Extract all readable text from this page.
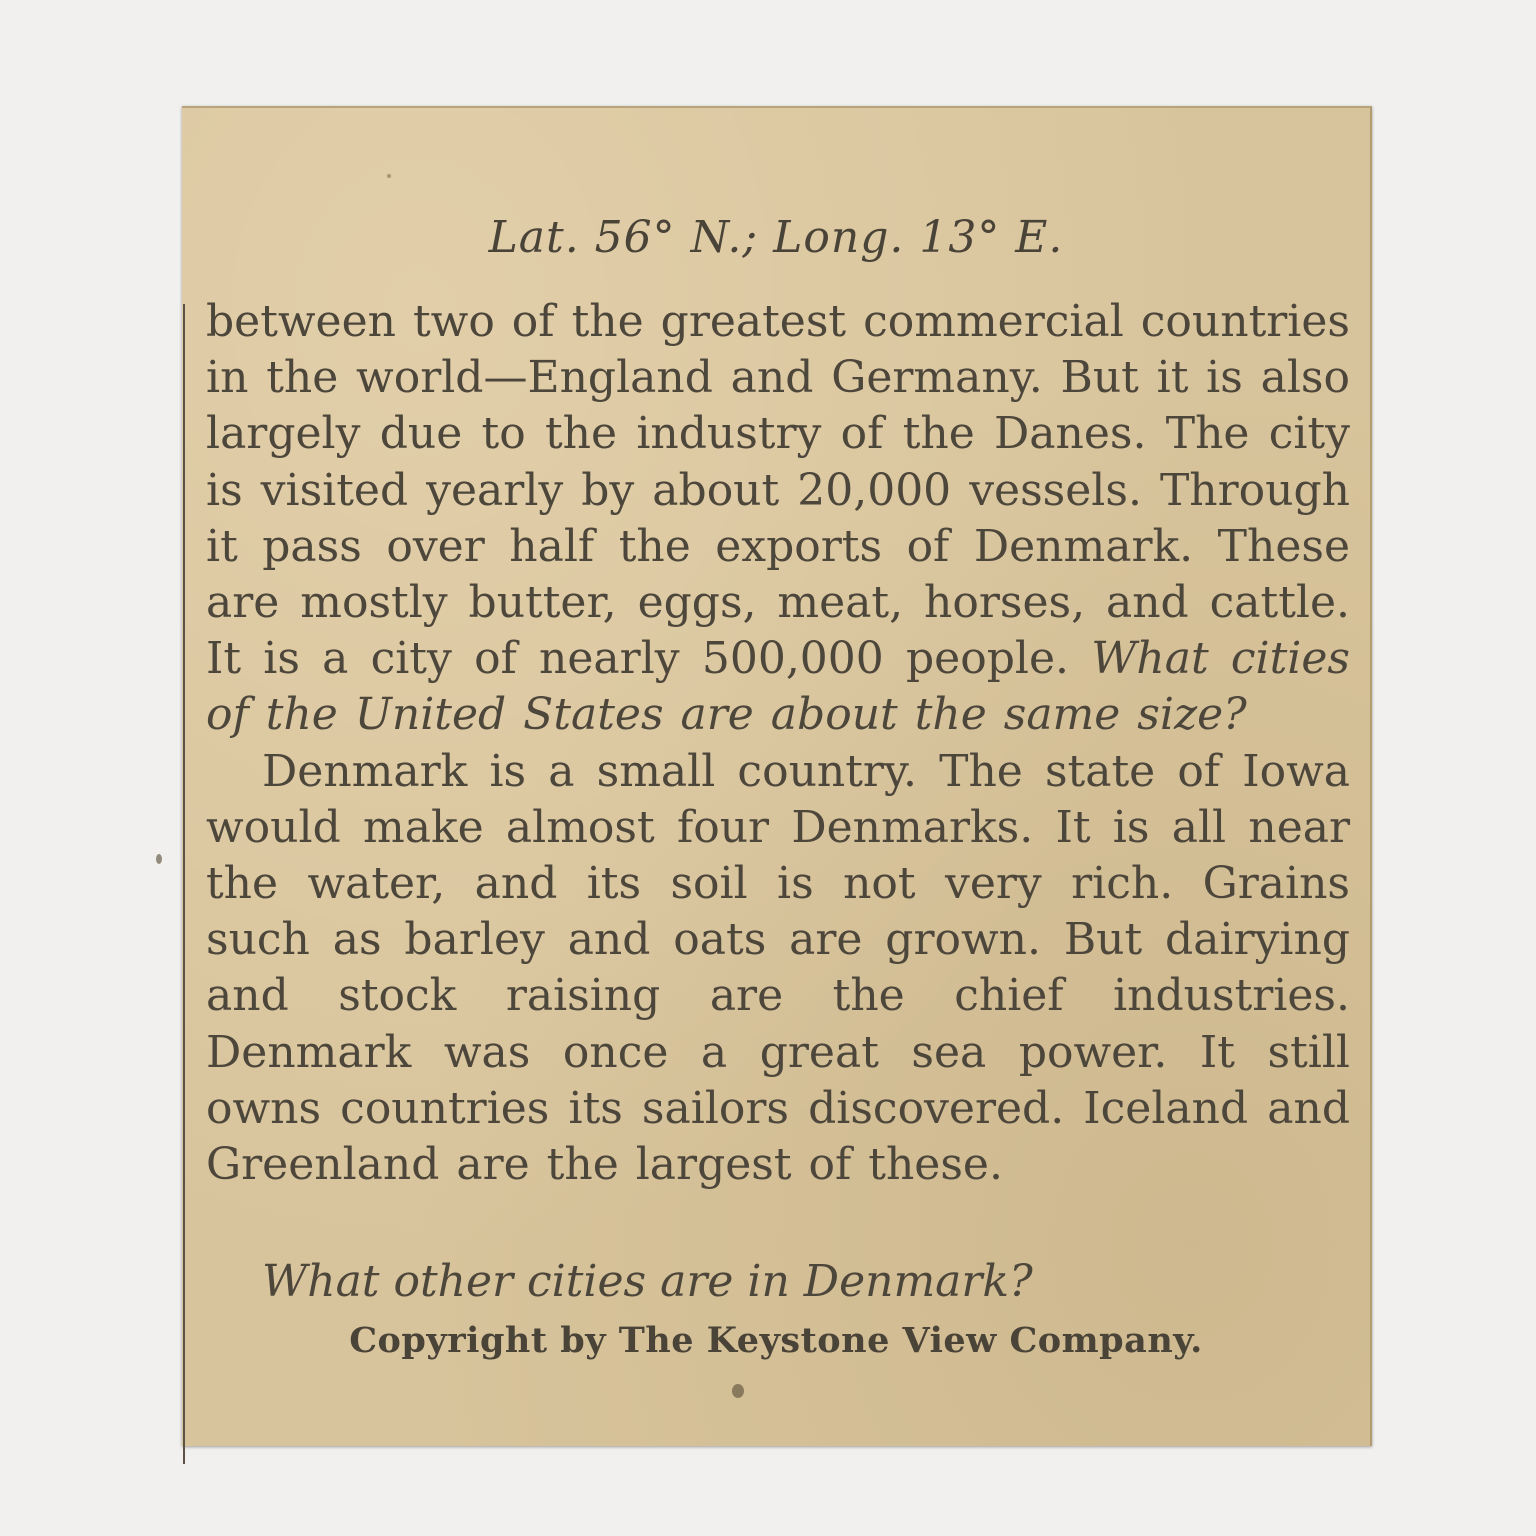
Lat. 56° N.; Long. 13° E.

between two of the greatest commercial countries in the world—England and Germany. But it is also largely due to the industry of the Danes. The city is visited yearly by about 20,000 vessels. Through it pass over half the exports of Denmark. These are mostly butter, eggs, meat, horses, and cattle. It is a city of nearly 500,000 people. What cities of the United States are about the same size?

Denmark is a small country. The state of Iowa would make almost four Denmarks. It is all near the water, and its soil is not very rich. Grains such as barley and oats are grown. But dairying and stock raising are the chief industries. Denmark was once a great sea power. It still owns countries its sailors discovered. Iceland and Greenland are the largest of these.

What other cities are in Denmark?
Copyright by The Keystone View Company.
